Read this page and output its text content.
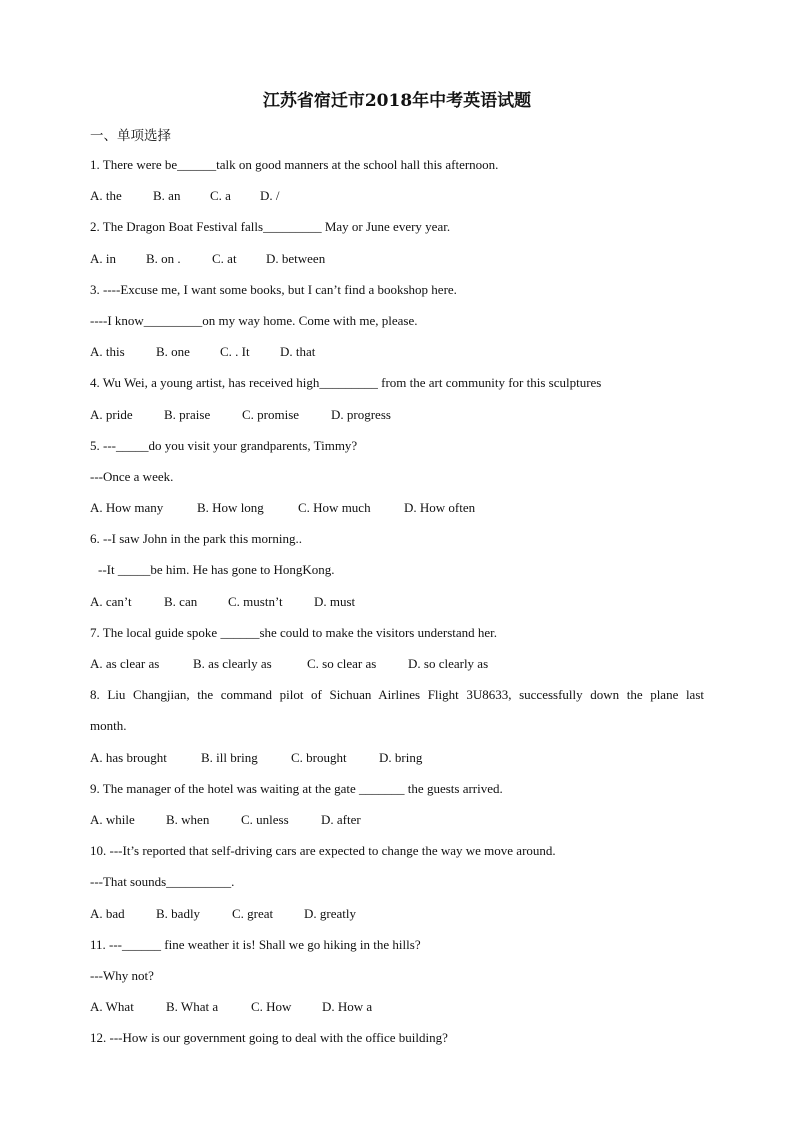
江苏省宿迁市2018年中考英语试题
一、单项选择
1. There were be______talk on good manners at the school hall this afternoon.
A. the	B. an	C. a	D. /
2. The Dragon Boat Festival falls_________ May or June every year.
A. in	B. on .	C. at	D. between
3. ----Excuse me, I want some books, but I can’t find a bookshop here.
----I know_________on my way home. Come with me, please.
A. this	B. one	C. . It	D. that
4. Wu Wei, a young artist, has received high_________ from the art community for this sculptures
A. pride	B. praise	C. promise	D. progress
5. ---_____do you visit your grandparents, Timmy?
---Once a week.
A. How many	B. How long	C. How much	D. How often
6. --I saw John in the park this morning..
--It _____be him. He has gone to HongKong.
A. can’t	B. can	C. mustn’t	D. must
7. The local guide spoke ______she could to make the visitors understand her.
A. as clear as	B. as clearly as	C. so clear as	D. so clearly as
8. Liu Changjian, the command pilot of Sichuan Airlines Flight 3U8633, successfully down the plane last
month.
A. has brought	B. ill bring	C. brought	D. bring
9. The manager of the hotel was waiting at the gate _______ the guests arrived.
A. while	B. when	C. unless	D. after
10. ---It’s reported that self-driving cars are expected to change the way we move around.
---That sounds__________.
A. bad	B. badly	C. great	D. greatly
11. ---______ fine weather it is! Shall we go hiking in the hills?
---Why not?
A. What	B. What a	C. How	D. How a
12. ---How is our government going to deal with the office building?
